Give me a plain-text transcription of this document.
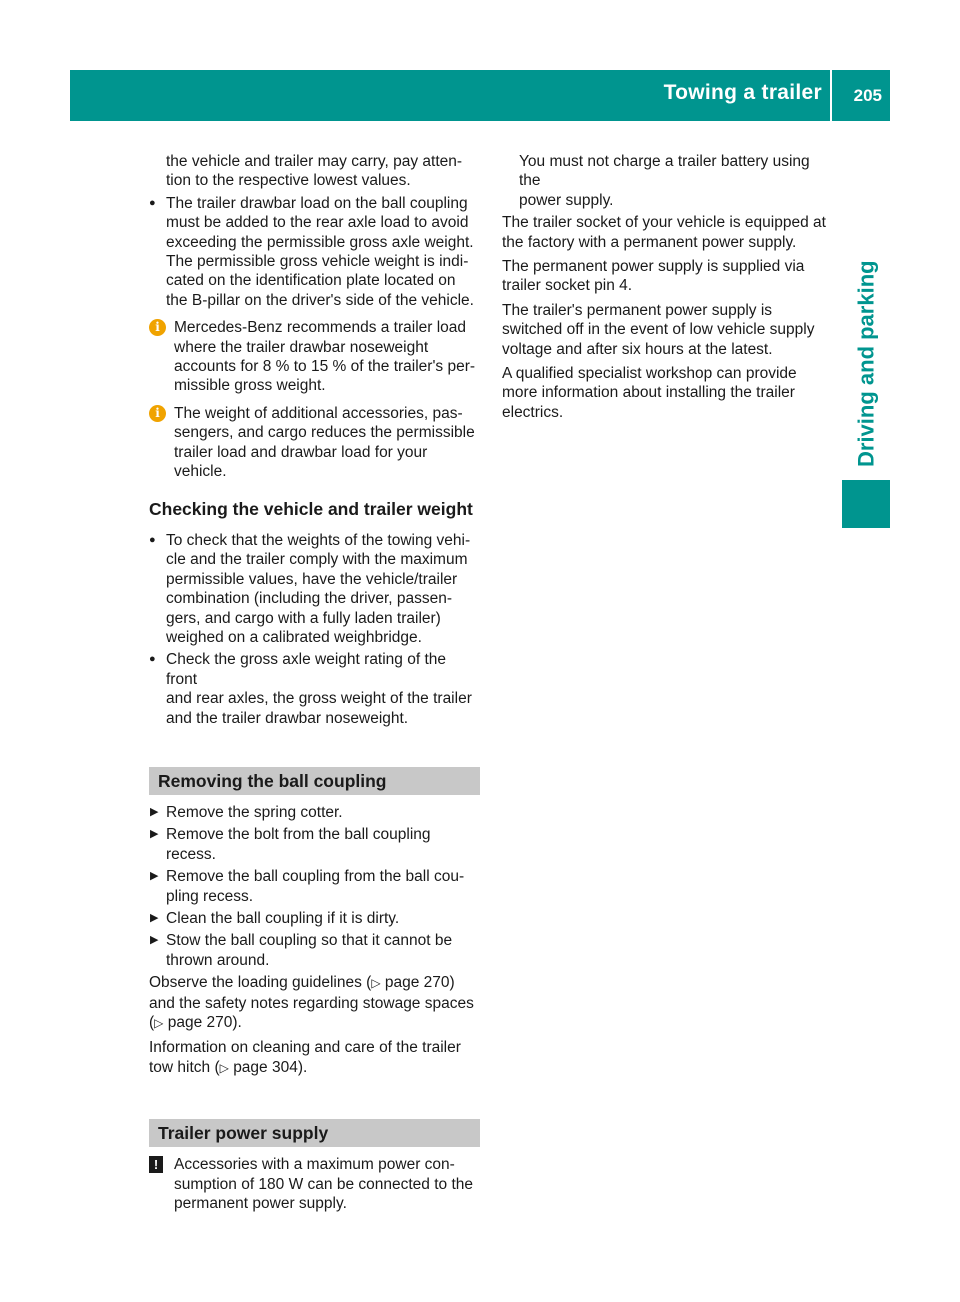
Towing a trailer 205
Driving and parking
the vehicle and trailer may carry, pay atten-
tion to the respective lowest values.
● The trailer drawbar load on the ball coupling
must be added to the rear axle load to avoid
exceeding the permissible gross axle weight.
The permissible gross vehicle weight is indi-
cated on the identification plate located on
the B-pillar on the driver's side of the vehicle.
i Mercedes-Benz recommends a trailer load
where the trailer drawbar noseweight
accounts for 8 % to 15 % of the trailer's per-
missible gross weight.
i The weight of additional accessories, pas-
sengers, and cargo reduces the permissible
trailer load and drawbar load for your vehicle.
Checking the vehicle and trailer weight
● To check that the weights of the towing vehi-
cle and the trailer comply with the maximum
permissible values, have the vehicle/trailer
combination (including the driver, passen-
gers, and cargo with a fully laden trailer)
weighed on a calibrated weighbridge.
● Check the gross axle weight rating of the front
and rear axles, the gross weight of the trailer
and the trailer drawbar noseweight.
Removing the ball coupling
▶ Remove the spring cotter.
▶ Remove the bolt from the ball coupling
recess.
▶ Remove the ball coupling from the ball cou-
pling recess.
▶ Clean the ball coupling if it is dirty.
▶ Stow the ball coupling so that it cannot be
thrown around.
Observe the loading guidelines (▷ page 270)
and the safety notes regarding stowage spaces
(▷ page 270).
Information on cleaning and care of the trailer
tow hitch (▷ page 304).
Trailer power supply
!	Accessories with a maximum power con-
sumption of 180 W can be connected to the
permanent power supply.
You must not charge a trailer battery using the
power supply.
The trailer socket of your vehicle is equipped at
the factory with a permanent power supply.
The permanent power supply is supplied via
trailer socket pin 4.
The trailer's permanent power supply is
switched off in the event of low vehicle supply
voltage and after six hours at the latest.
A qualified specialist workshop can provide
more information about installing the trailer
electrics.
